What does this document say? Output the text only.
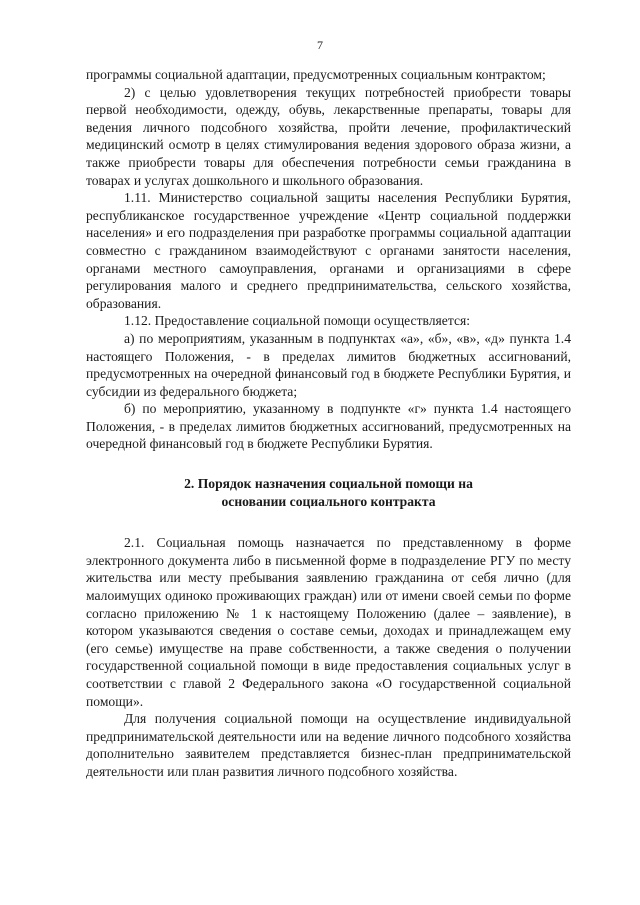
7

программы социальной адаптации, предусмотренных социальным контрактом;

2) с целью удовлетворения текущих потребностей приобрести товары первой необходимости, одежду, обувь, лекарственные препараты, товары для ведения личного подсобного хозяйства, пройти лечение, профилактический медицинский осмотр в целях стимулирования ведения здорового образа жизни, а также приобрести товары для обеспечения потребности семьи гражданина в товарах и услугах дошкольного и школьного образования.

1.11. Министерство социальной защиты населения Республики Бурятия, республиканское государственное учреждение «Центр социальной поддержки населения» и его подразделения при разработке программы социальной адаптации совместно с гражданином взаимодействуют с органами занятости населения, органами местного самоуправления, органами и организациями в сфере регулирования малого и среднего предпринимательства, сельского хозяйства, образования.

1.12. Предоставление социальной помощи осуществляется:

а) по мероприятиям, указанным в подпунктах «а», «б», «в», «д» пункта 1.4 настоящего Положения, - в пределах лимитов бюджетных ассигнований, предусмотренных на очередной финансовый год в бюджете Республики Бурятия, и субсидии из федерального бюджета;

б) по мероприятию, указанному в подпункте «г» пункта 1.4 настоящего Положения, - в пределах лимитов бюджетных ассигнований, предусмотренных на очередной финансовый год в бюджете Республики Бурятия.

2. Порядок назначения социальной помощи на
основании социального контракта

2.1. Социальная помощь назначается по представленному в форме электронного документа либо в письменной форме в подразделение РГУ по месту жительства или месту пребывания заявлению гражданина от себя лично (для малоимущих одиноко проживающих граждан) или от имени своей семьи по форме согласно приложению № 1 к настоящему Положению (далее – заявление), в котором указываются сведения о составе семьи, доходах и принадлежащем ему (его семье) имуществе на праве собственности, а также сведения о получении государственной социальной помощи в виде предоставления социальных услуг в соответствии с главой 2 Федерального закона «О государственной социальной помощи».

Для получения социальной помощи на осуществление индивидуальной предпринимательской деятельности или на ведение личного подсобного хозяйства дополнительно заявителем представляется бизнес-план предпринимательской деятельности или план развития личного подсобного хозяйства.
